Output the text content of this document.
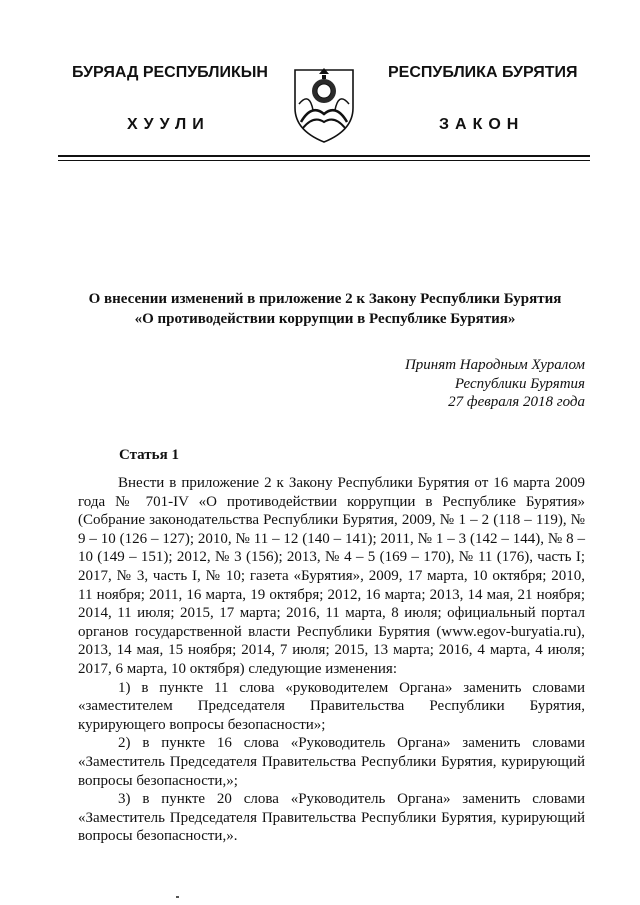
БУРЯАД РЕСПУБЛИКЫН	РЕСПУБЛИКА БУРЯТИЯ
ХУУЛИ	ЗАКОН
О внесении изменений в приложение 2 к Закону Республики Бурятия
«О противодействии коррупции в Республике Бурятия»
Принят Народным Хуралом
Республики Бурятия
27 февраля 2018 года
Статья 1

Внести в приложение 2 к Закону Республики Бурятия от 16 марта 2009 года № 701-IV «О противодействии коррупции в Республике Бурятия» (Собрание законодательства Республики Бурятия, 2009, № 1 – 2 (118 – 119), № 9 – 10 (126 – 127); 2010, № 11 – 12 (140 – 141); 2011, № 1 – 3 (142 – 144), № 8 – 10 (149 – 151); 2012, № 3 (156); 2013, № 4 – 5 (169 – 170), № 11 (176), часть I; 2017, № 3, часть I, № 10; газета «Бурятия», 2009, 17 марта, 10 октября; 2010, 11 ноября; 2011, 16 марта, 19 октября; 2012, 16 марта; 2013, 14 мая, 21 ноября; 2014, 11 июля; 2015, 17 марта; 2016, 11 марта, 8 июля; официальный портал органов государственной власти Республики Бурятия (www.egov-buryatia.ru), 2013, 14 мая, 15 ноября; 2014, 7 июля; 2015, 13 марта; 2016, 4 марта, 4 июля; 2017, 6 марта, 10 октября) следующие изменения:

1) в пункте 11 слова «руководителем Органа» заменить словами «заместителем Председателя Правительства Республики Бурятия, курирующего вопросы безопасности»;

2) в пункте 16 слова «Руководитель Органа» заменить словами «Заместитель Председателя Правительства Республики Бурятия, курирующий вопросы безопасности,»;

3) в пункте 20 слова «Руководитель Органа» заменить словами «Заместитель Председателя Правительства Республики Бурятия, курирующий вопросы безопасности,».
